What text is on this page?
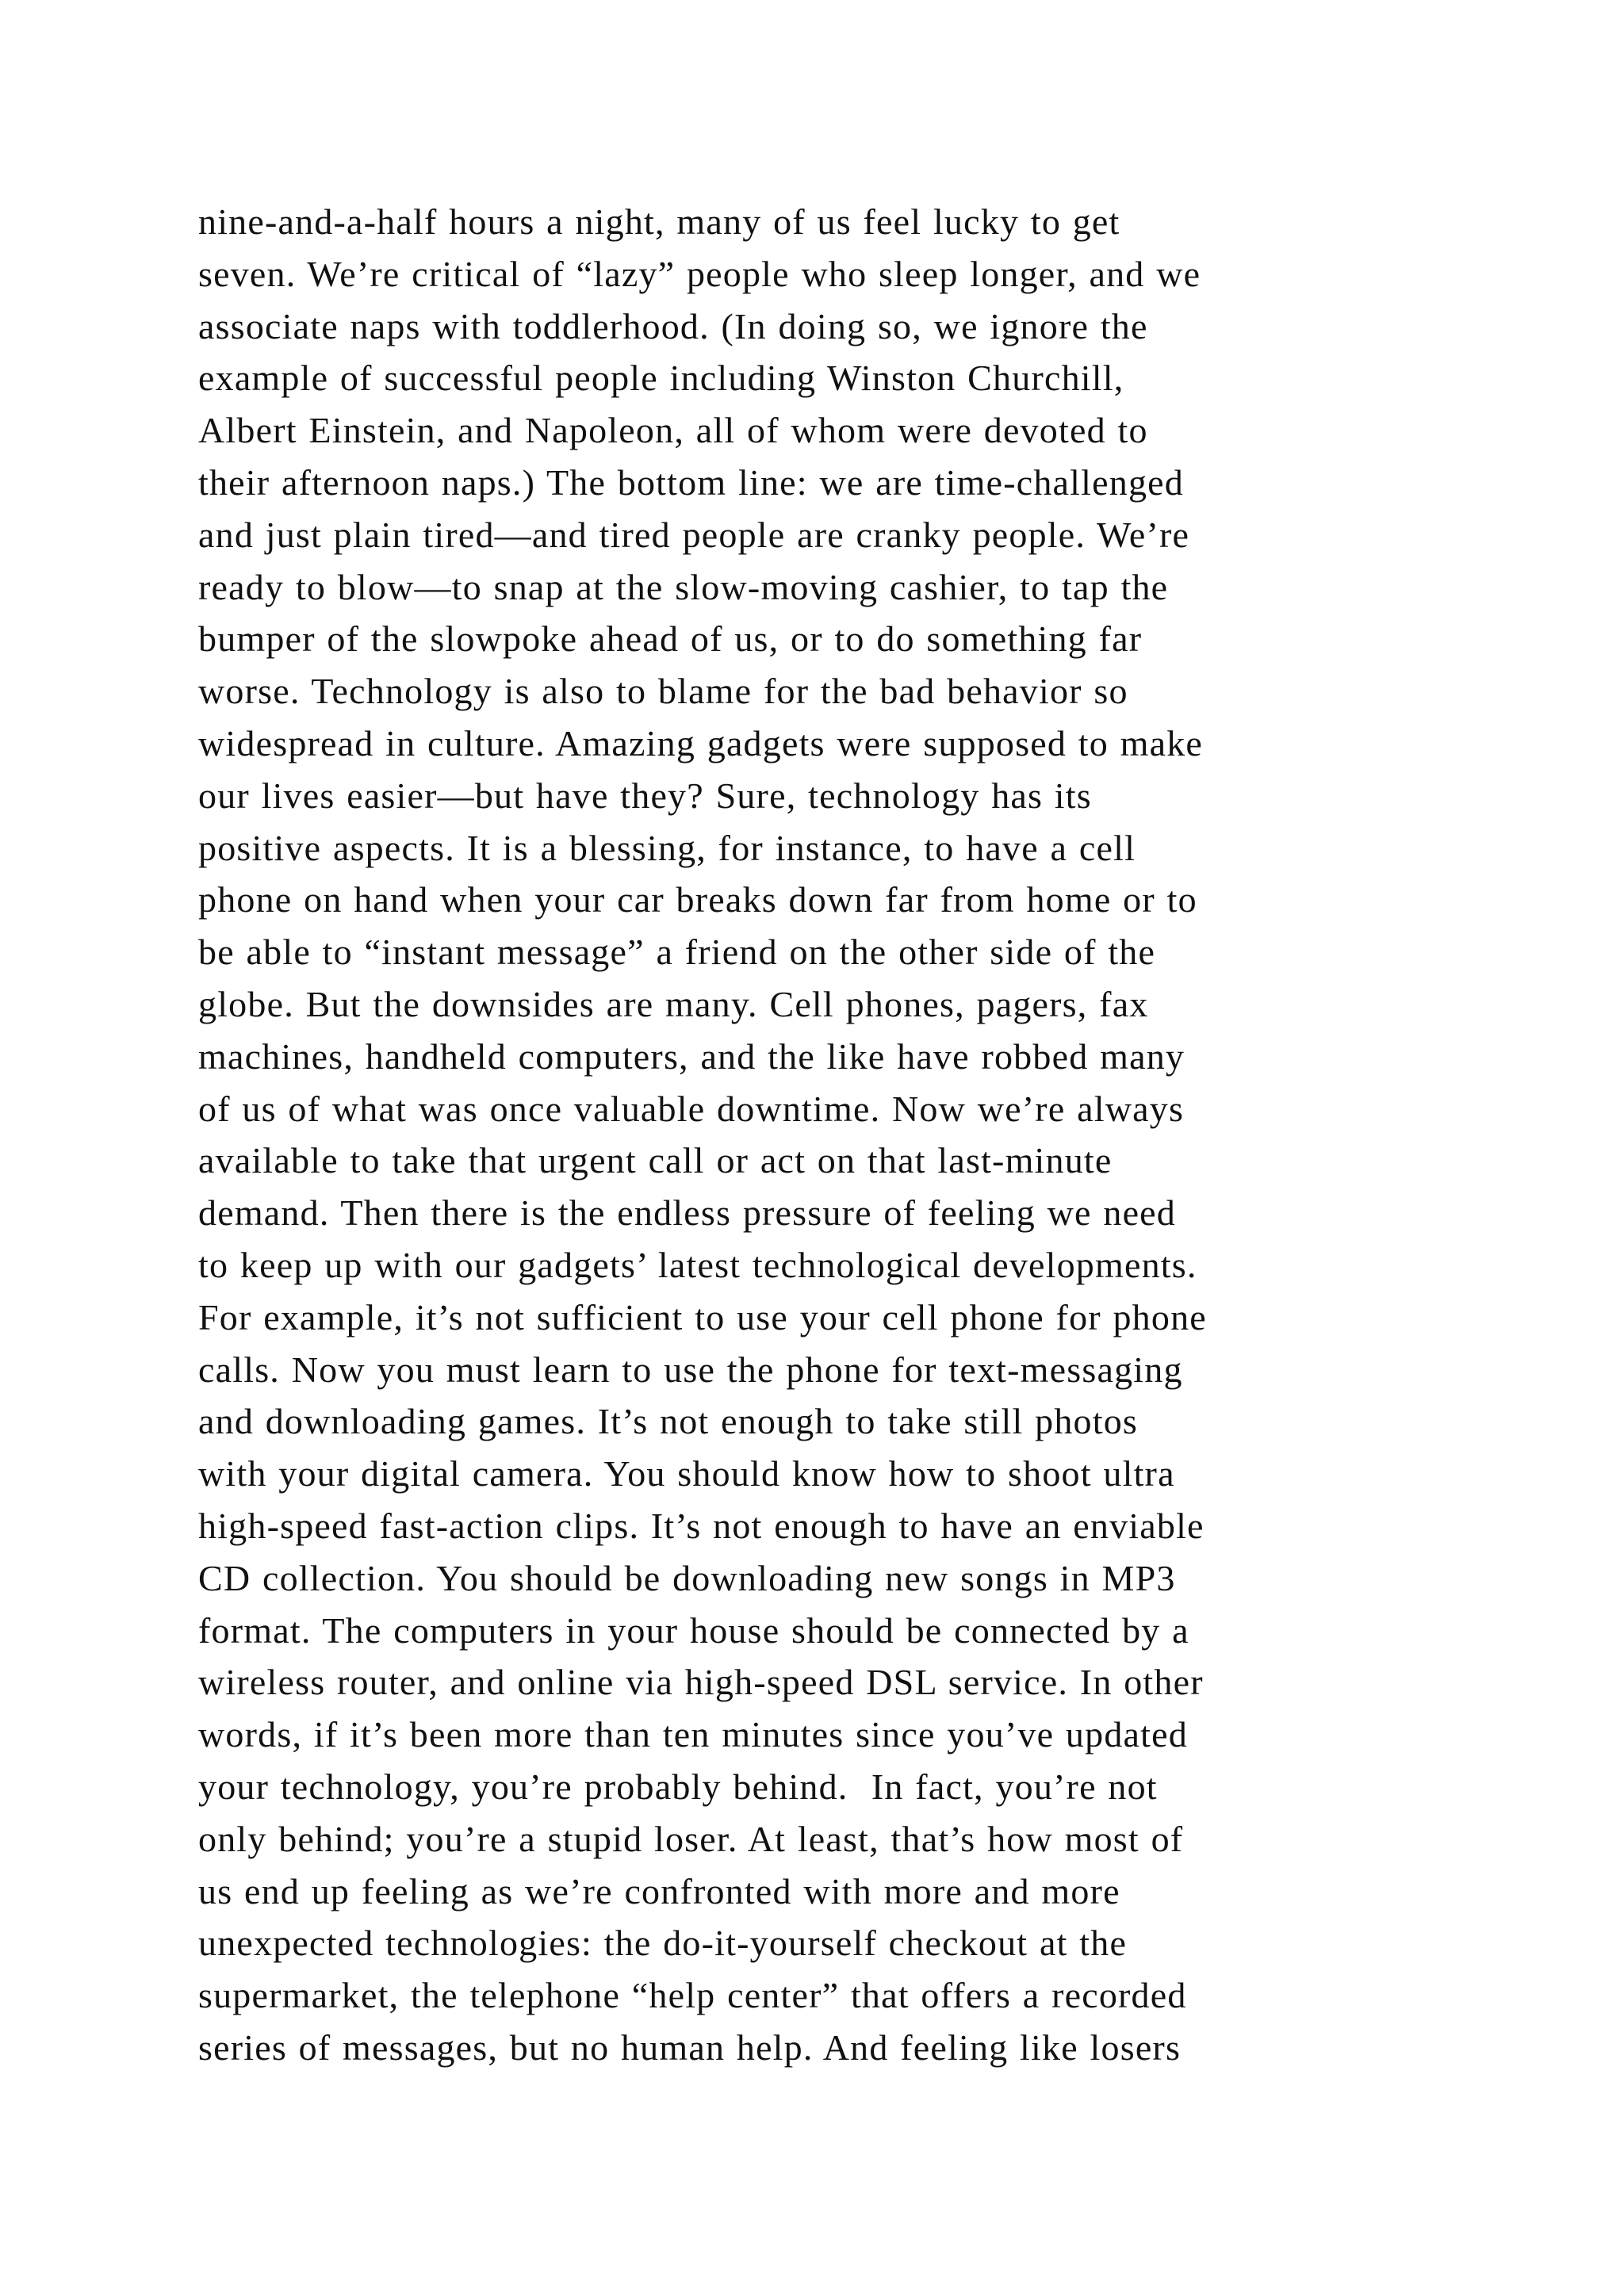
nine-and-a-half hours a night, many of us feel lucky to get
seven. We’re critical of “lazy” people who sleep longer, and we
associate naps with toddlerhood. (In doing so, we ignore the
example of successful people including Winston Churchill,
Albert Einstein, and Napoleon, all of whom were devoted to
their afternoon naps.) The bottom line: we are time-challenged
and just plain tired—and tired people are cranky people. We’re
ready to blow—to snap at the slow-moving cashier, to tap the
bumper of the slowpoke ahead of us, or to do something far
worse. Technology is also to blame for the bad behavior so
widespread in culture. Amazing gadgets were supposed to make
our lives easier—but have they? Sure, technology has its
positive aspects. It is a blessing, for instance, to have a cell
phone on hand when your car breaks down far from home or to
be able to “instant message” a friend on the other side of the
globe. But the downsides are many. Cell phones, pagers, fax
machines, handheld computers, and the like have robbed many
of us of what was once valuable downtime. Now we’re always
available to take that urgent call or act on that last-minute
demand. Then there is the endless pressure of feeling we need
to keep up with our gadgets’ latest technological developments.
For example, it’s not sufficient to use your cell phone for phone
calls. Now you must learn to use the phone for text-messaging
and downloading games. It’s not enough to take still photos
with your digital camera. You should know how to shoot ultra
high-speed fast-action clips. It’s not enough to have an enviable
CD collection. You should be downloading new songs in MP3
format. The computers in your house should be connected by a
wireless router, and online via high-speed DSL service. In other
words, if it’s been more than ten minutes since you’ve updated
your technology, you’re probably behind.  In fact, you’re not
only behind; you’re a stupid loser. At least, that’s how most of
us end up feeling as we’re confronted with more and more
unexpected technologies: the do-it-yourself checkout at the
supermarket, the telephone “help center” that offers a recorded
series of messages, but no human help. And feeling like losers
